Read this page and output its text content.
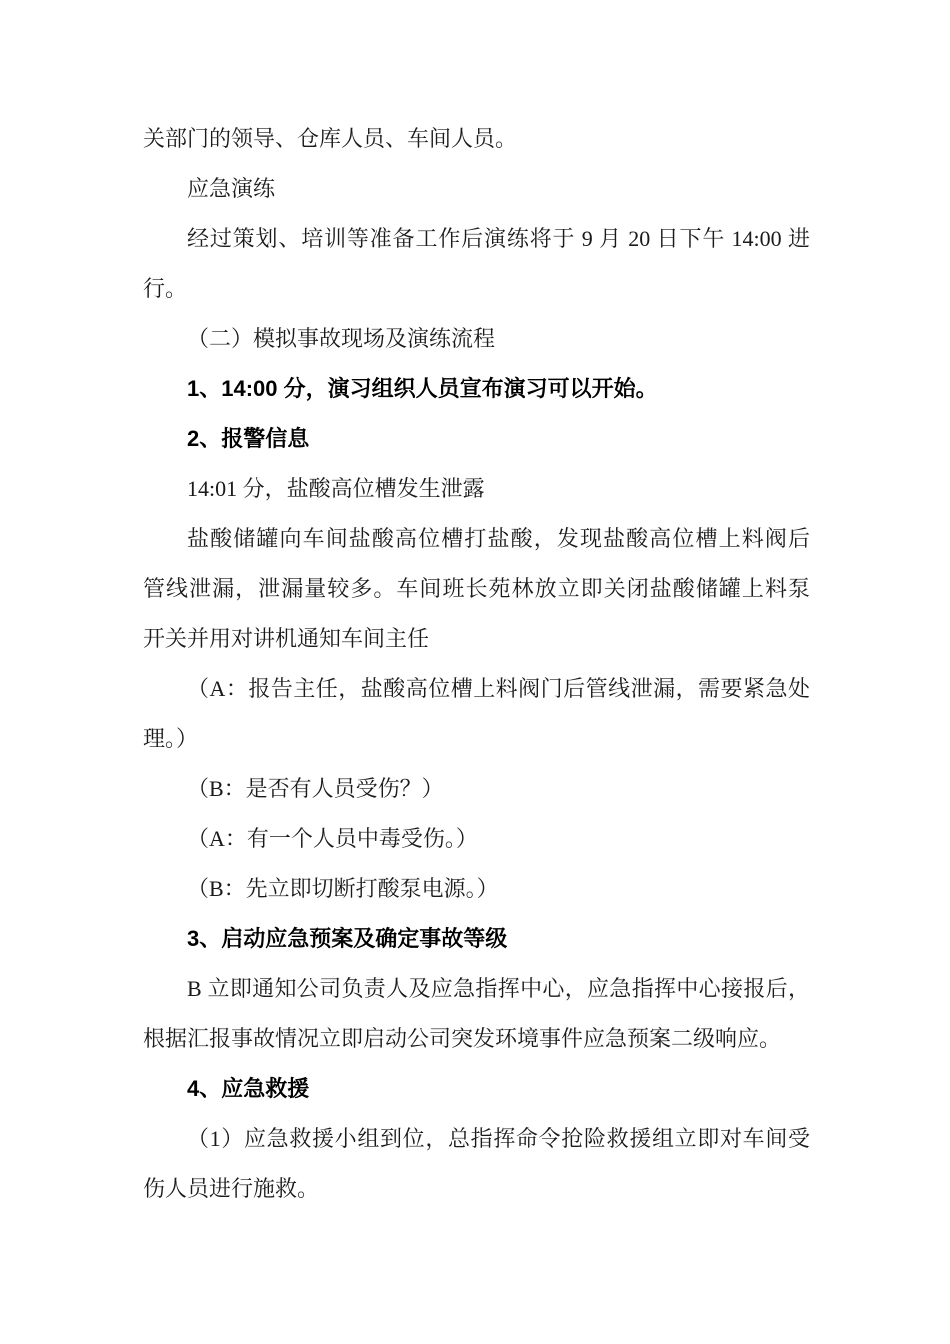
关部门的领导、仓库人员、车间人员。
应急演练
经过策划、培训等准备工作后演练将于 9 月 20 日下午 14:00 进
行。
（二）模拟事故现场及演练流程
1、14:00 分，演习组织人员宣布演习可以开始。
2、报警信息
14:01 分，盐酸高位槽发生泄露
盐酸储罐向车间盐酸高位槽打盐酸，发现盐酸高位槽上料阀后
管线泄漏，泄漏量较多。车间班长苑林放立即关闭盐酸储罐上料泵
开关并用对讲机通知车间主任
（A：报告主任，盐酸高位槽上料阀门后管线泄漏，需要紧急处
理。）
（B：是否有人员受伤？）
（A：有一个人员中毒受伤。）
（B：先立即切断打酸泵电源。）
3、启动应急预案及确定事故等级
B 立即通知公司负责人及应急指挥中心，应急指挥中心接报后，
根据汇报事故情况立即启动公司突发环境事件应急预案二级响应。
4、应急救援
（1）应急救援小组到位，总指挥命令抢险救援组立即对车间受
伤人员进行施救。
